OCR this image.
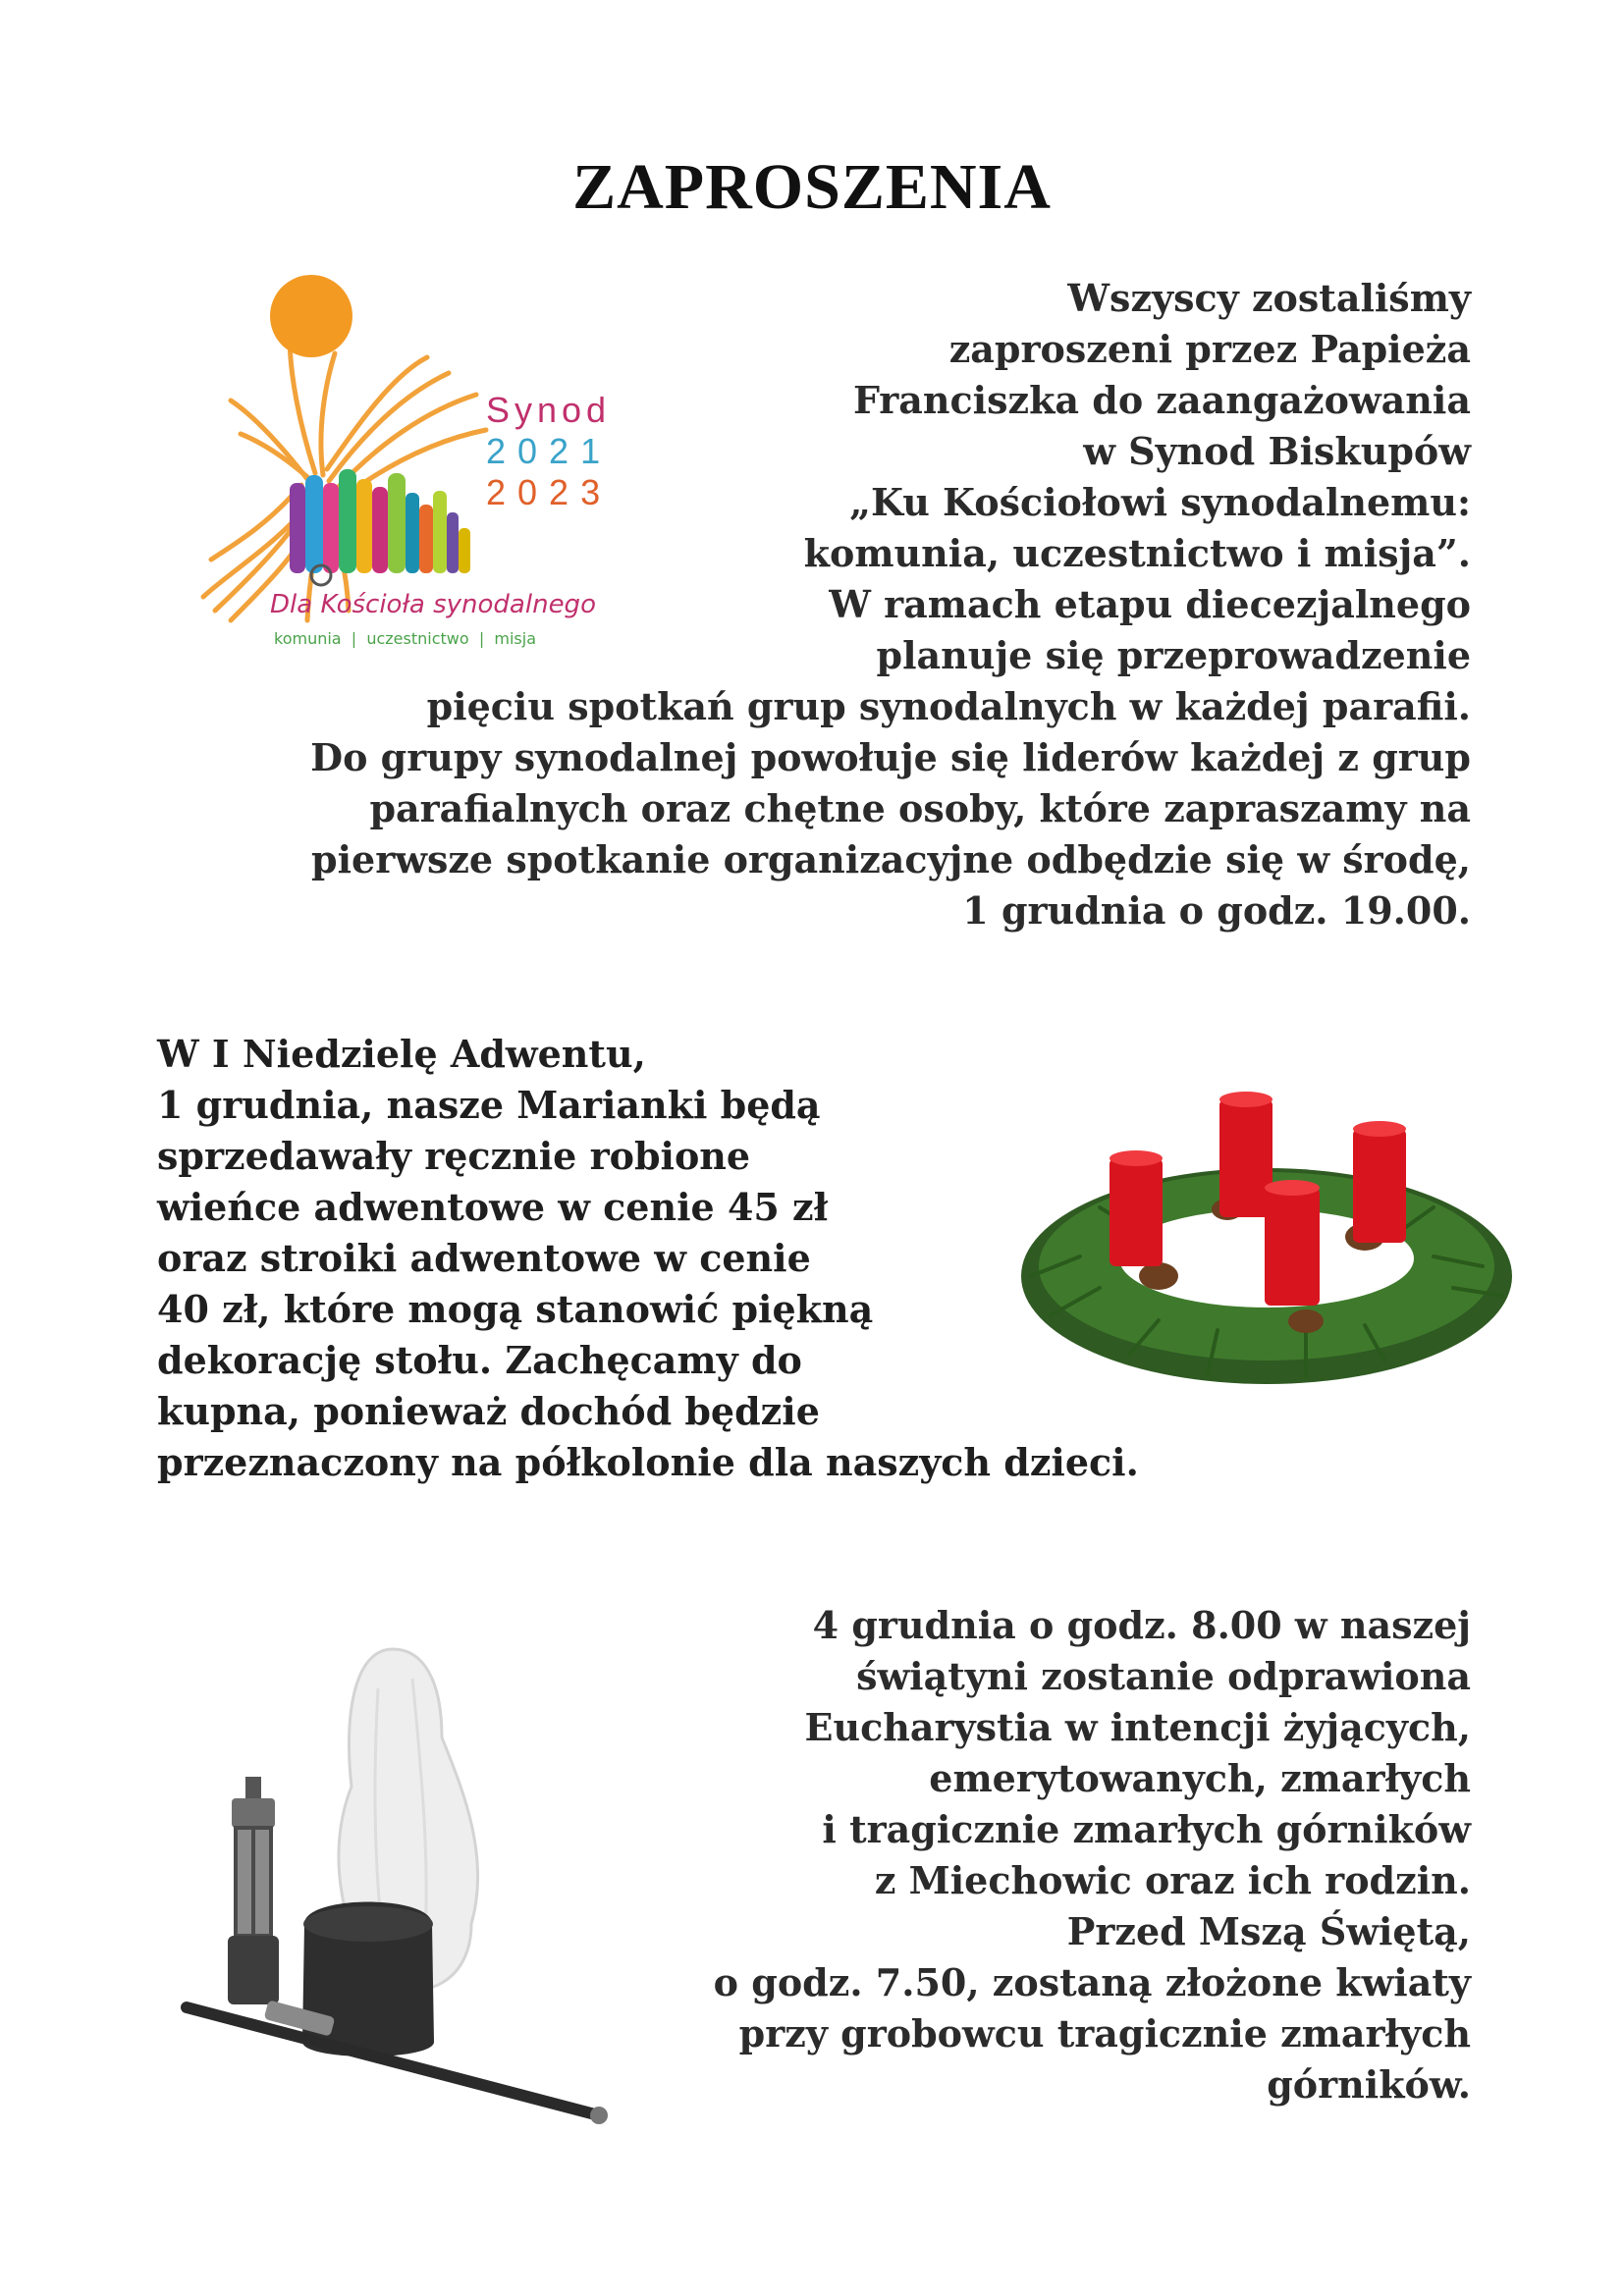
ZAPROSZENIA
Synod
2021
2023
Dla Kościoła synodalnego
komunia  |  uczestnictwo  |  misja
Wszyscy zostaliśmy
zaproszeni przez Papieża
Franciszka do zaangażowania
w Synod Biskupów
„Ku Kościołowi synodalnemu:
komunia, uczestnictwo i misja”.
W ramach etapu diecezjalnego
planuje się przeprowadzenie
pięciu spotkań grup synodalnych w każdej parafii.
Do grupy synodalnej powołuje się liderów każdej z grup
parafialnych oraz chętne osoby, które zapraszamy na
pierwsze spotkanie organizacyjne odbędzie się w środę,
1 grudnia o godz. 19.00.
W I Niedzielę Adwentu,
1 grudnia, nasze Marianki będą
sprzedawały ręcznie robione
wieńce adwentowe w cenie 45 zł
oraz stroiki adwentowe w cenie
40 zł, które mogą stanowić piękną
dekorację stołu. Zachęcamy do
kupna, ponieważ dochód będzie
przeznaczony na półkolonie dla naszych dzieci.
4 grudnia o godz. 8.00 w naszej
świątyni zostanie odprawiona
Eucharystia w intencji żyjących,
emerytowanych, zmarłych
i tragicznie zmarłych górników
z Miechowic oraz ich rodzin.
Przed Mszą Świętą,
o godz. 7.50, zostaną złożone kwiaty
przy grobowcu tragicznie zmarłych
górników.
